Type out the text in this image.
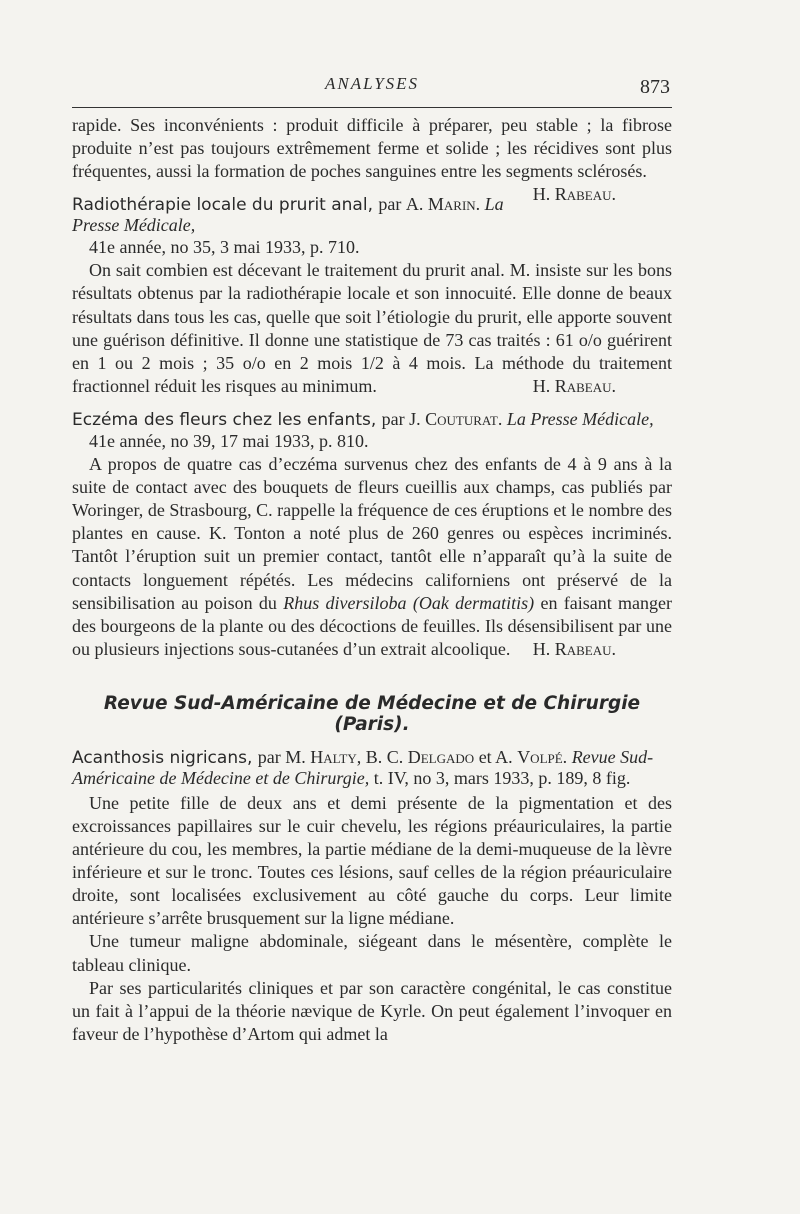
ANALYSES	873

rapide. Ses inconvénients : produit difficile à préparer, peu stable ; la fibrose produite n’est pas toujours extrêmement ferme et solide ; les récidives sont plus fréquentes, aussi la formation de poches sanguines entre les segments sclérosés.
H. Rabeau.

Radiothérapie locale du prurit anal, par A. Marin. La Presse Médicale,
41e année, no 35, 3 mai 1933, p. 710.

On sait combien est décevant le traitement du prurit anal. M. insiste sur les bons résultats obtenus par la radiothérapie locale et son innocuité. Elle donne de beaux résultats dans tous les cas, quelle que soit l’étiologie du prurit, elle apporte souvent une guérison définitive. Il donne une statistique de 73 cas traités : 61 o/o guérirent en 1 ou 2 mois ; 35 o/o en 2 mois 1/2 à 4 mois. La méthode du traitement fractionnel réduit les risques au minimum.	H. Rabeau.

Eczéma des fleurs chez les enfants, par J. Couturat. La Presse Médicale,
41e année, no 39, 17 mai 1933, p. 810.

A propos de quatre cas d’eczéma survenus chez des enfants de 4 à 9 ans à la suite de contact avec des bouquets de fleurs cueillis aux champs, cas publiés par Woringer, de Strasbourg, C. rappelle la fréquence de ces éruptions et le nombre des plantes en cause. K. Tonton a noté plus de 260 genres ou espèces incriminés. Tantôt l’éruption suit un premier contact, tantôt elle n’apparaît qu’à la suite de contacts longuement répétés. Les médecins californiens ont préservé de la sensibilisation au poison du Rhus diversiloba (Oak dermatitis) en faisant manger des bourgeons de la plante ou des décoctions de feuilles. Ils désensibilisent par une ou plusieurs injections sous-cutanées d’un extrait alcoolique.	H. Rabeau.

Revue Sud-Américaine de Médecine et de Chirurgie (Paris).
Acanthosis nigricans, par M. Halty, B. C. Delgado et A. Volpé. Revue Sud-Américaine de Médecine et de Chirurgie, t. IV, no 3, mars 1933, p. 189, 8 fig.

Une petite fille de deux ans et demi présente de la pigmentation et des excroissances papillaires sur le cuir chevelu, les régions préauriculaires, la partie antérieure du cou, les membres, la partie médiane de la demi-muqueuse de la lèvre inférieure et sur le tronc. Toutes ces lésions, sauf celles de la région préauriculaire droite, sont localisées exclusivement au côté gauche du corps. Leur limite antérieure s’arrête brusquement sur la ligne médiane.

Une tumeur maligne abdominale, siégeant dans le mésentère, complète le tableau clinique.

Par ses particularités cliniques et par son caractère congénital, le cas constitue un fait à l’appui de la théorie nævique de Kyrle. On peut également l’invoquer en faveur de l’hypothèse d’Artom qui admet la
